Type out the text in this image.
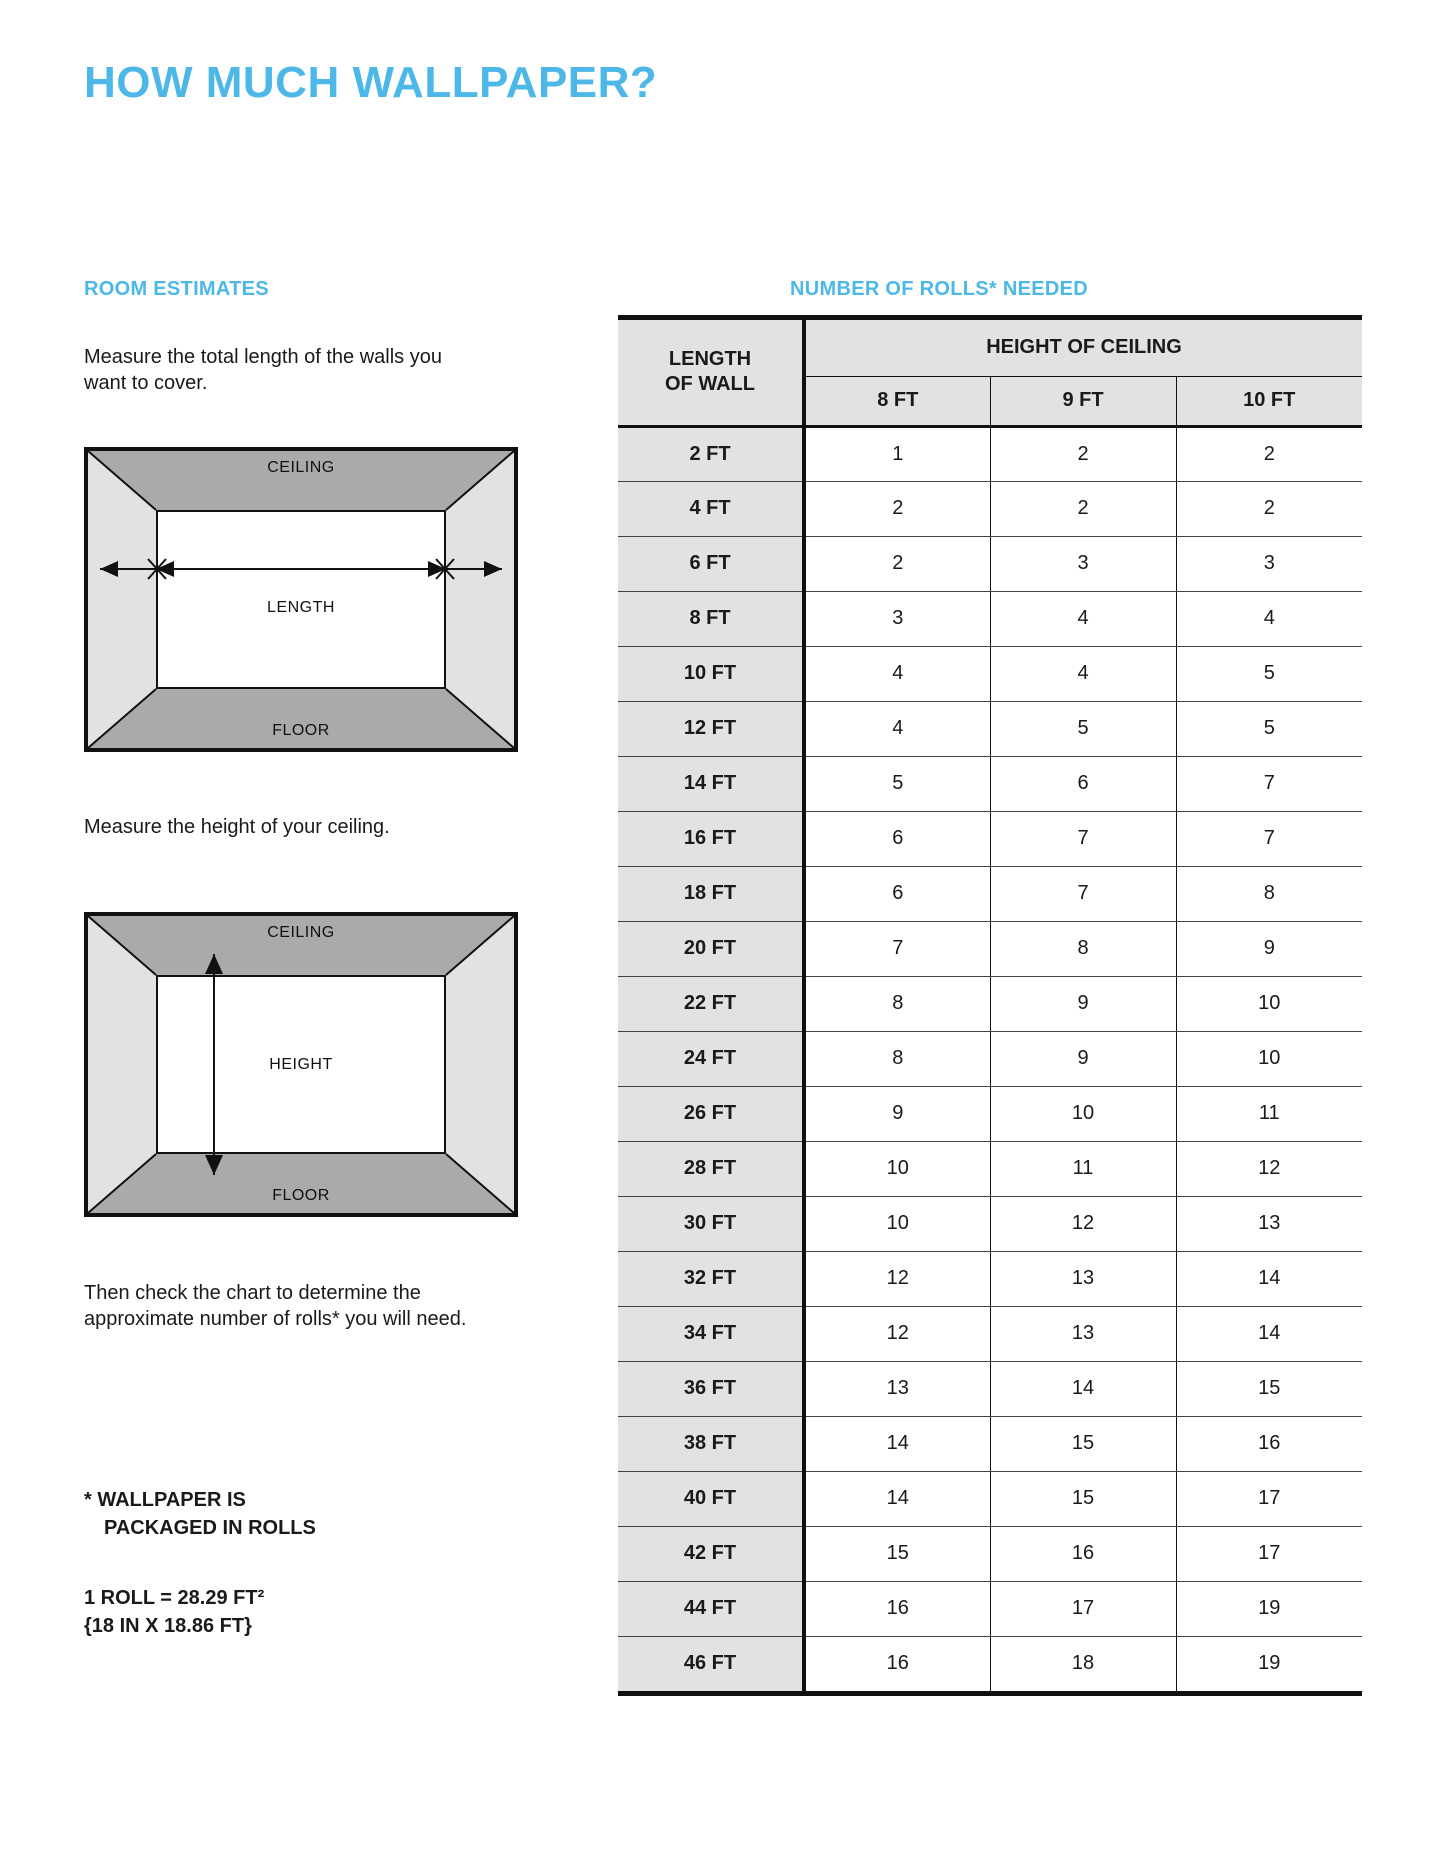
HOW MUCH WALLPAPER?
ROOM ESTIMATES	NUMBER OF ROLLS* NEEDED
Measure the total length of the walls you want to cover.
CEILING
FLOOR
LENGTH
Measure the height of your ceiling.
CEILING
FLOOR
HEIGHT
Then check the chart to determine the approximate number of rolls* you will need.
* WALLPAPER IS

PACKAGED IN ROLLS
1 ROLL = 28.29 FT²
{18 IN X 18.86 FT}
LENGTH
OF WALL	HEIGHT OF CEILING		
	8 FT	9 FT	10 FT
2 FT	1	2	2
4 FT	2	2	2
6 FT	2	3	3
8 FT	3	4	4
10 FT	4	4	5
12 FT	4	5	5
14 FT	5	6	7
16 FT	6	7	7
18 FT	6	7	8
20 FT	7	8	9
22 FT	8	9	10
24 FT	8	9	10
26 FT	9	10	11
28 FT	10	11	12
30 FT	10	12	13
32 FT	12	13	14
34 FT	12	13	14
36 FT	13	14	15
38 FT	14	15	16
40 FT	14	15	17
42 FT	15	16	17
44 FT	16	17	19
46 FT	16	18	19
